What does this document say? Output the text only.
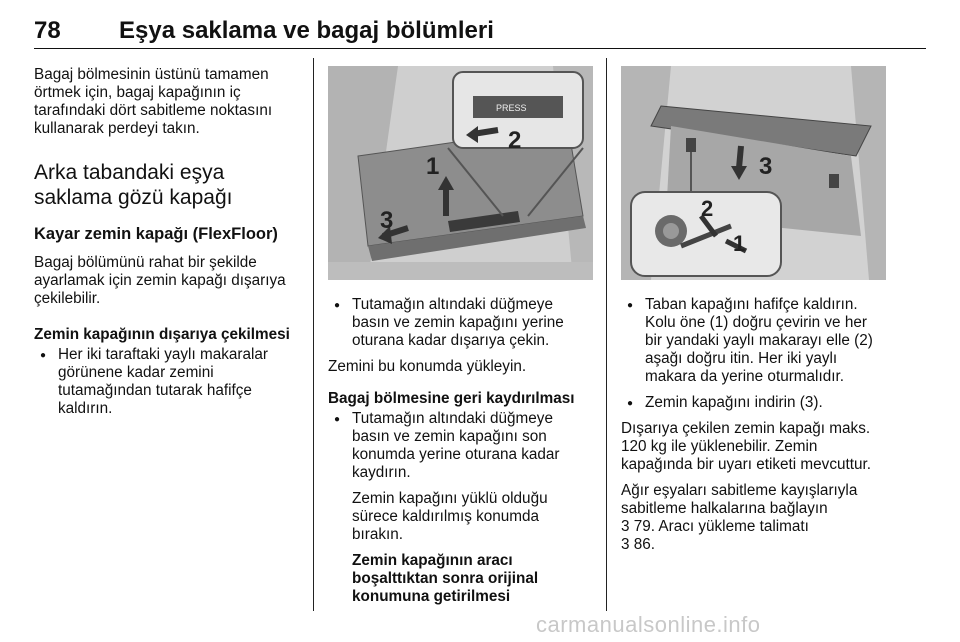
78 Eşya saklama ve bagaj bölümleri

Bagaj bölmesinin üstünü tamamen örtmek için, bagaj kapağının iç tarafındaki dört sabitleme noktasını kullanarak perdeyi takın.

Arka tabandaki eşya saklama gözü kapağı
Kayar zemin kapağı (FlexFloor)

Bagaj bölümünü rahat bir şekilde ayarlamak için zemin kapağı dışarıya çekilebilir.

Zemin kapağının dışarıya çekilmesi

● Her iki taraftaki yaylı makaralar görünene kadar zemini tutamağından tutarak hafifçe kaldırın.

PRESS
1
2
3

● Tutamağın altındaki düğmeye basın ve zemin kapağını yerine oturana kadar dışarıya çekin.

Zemini bu konumda yükleyin.

Bagaj bölmesine geri kaydırılması

● Tutamağın altındaki düğmeye basın ve zemin kapağını son konumda yerine oturana kadar kaydırın.

Zemin kapağını yüklü olduğu sürece kaldırılmış konumda bırakın.

Zemin kapağının aracı boşalttıktan sonra orijinal konumuna getirilmesi

3
2
1

● Taban kapağını hafifçe kaldırın. Kolu öne (1) doğru çevirin ve her bir yandaki yaylı makarayı elle (2) aşağı doğru itin. Her iki yaylı makara da yerine oturmalıdır.

● Zemin kapağını indirin (3).

Dışarıya çekilen zemin kapağı maks. 120 kg ile yüklenebilir. Zemin kapağında bir uyarı etiketi mevcuttur.

Ağır eşyaları sabitleme kayışlarıyla sabitleme halkalarına bağlayın

3 79. Aracı yükleme talimatı

3 86.

carmanualsonline.info
